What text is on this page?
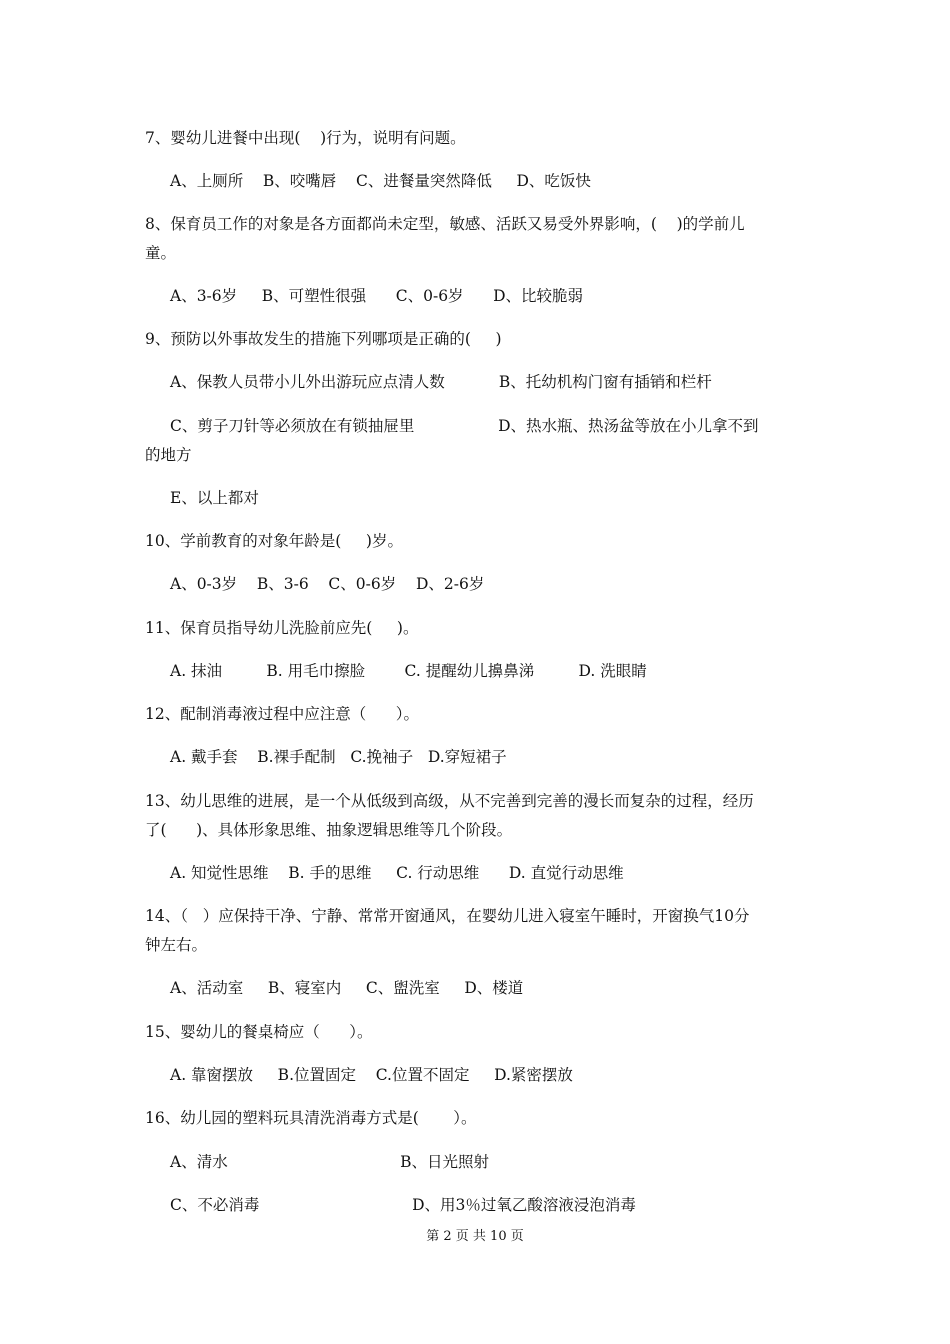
7、婴幼儿进餐中出现(    )行为，说明有问题。

A、上厕所    B、咬嘴唇    C、进餐量突然降低     D、吃饭快

8、保育员工作的对象是各方面都尚未定型，敏感、活跃又易受外界影响，(    )的学前儿

童。

A、3-6岁     B、可塑性很强      C、0-6岁      D、比较脆弱

9、预防以外事故发生的措施下列哪项是正确的(     )

A、保教人员带小儿外出游玩应点清人数           B、托幼机构门窗有插销和栏杆

C、剪子刀针等必须放在有锁抽屉里                 D、热水瓶、热汤盆等放在小儿拿不到

的地方

E、以上都对

10、学前教育的对象年龄是(     )岁。

A、0-3岁    B、3-6    C、0-6岁    D、2-6岁

11、保育员指导幼儿洗脸前应先(     )。

A. 抹油         B. 用毛巾擦脸        C. 提醒幼儿擤鼻涕         D. 洗眼睛

12、配制消毒液过程中应注意（      ）。

A. 戴手套    B.裸手配制   C.挽袖子   D.穿短裙子

13、幼儿思维的进展，是一个从低级到高级，从不完善到完善的漫长而复杂的过程，经历

了(      )、具体形象思维、抽象逻辑思维等几个阶段。

A. 知觉性思维    B. 手的思维     C. 行动思维      D. 直觉行动思维

14、（   ）应保持干净、宁静、常常开窗通风，在婴幼儿进入寝室午睡时，开窗换气10分

钟左右。

A、活动室     B、寝室内     C、盥洗室     D、楼道

15、婴幼儿的餐桌椅应（      ）。

A. 靠窗摆放     B.位置固定    C.位置不固定     D.紧密摆放

16、幼儿园的塑料玩具清洗消毒方式是(       ）。

A、清水                                   B、日光照射

C、不必消毒                               D、用3％过氧乙酸溶液浸泡消毒

第 2 页 共 10 页
